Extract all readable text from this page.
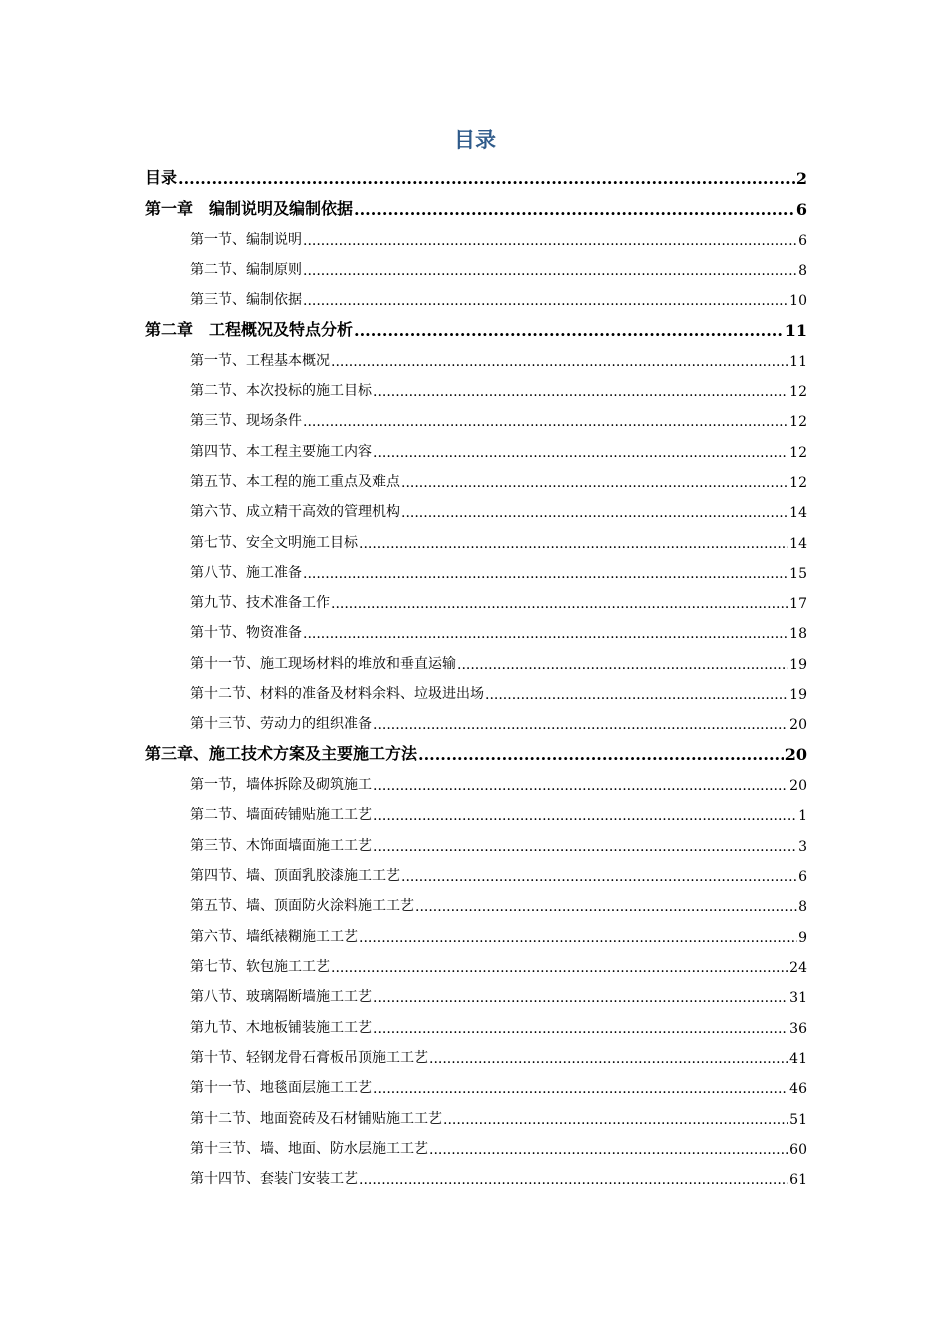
目录
目录 .....	2
第一章　编制说明及编制依据 .....	6
第一节、编制说明 .....	6
第二节、编制原则 .....	8
第三节、编制依据 .....	10
第二章　工程概况及特点分析 .....	11
第一节、工程基本概况 .....	11
第二节、本次投标的施工目标 .....	12
第三节、现场条件 .....	12
第四节、本工程主要施工内容 .....	12
第五节、本工程的施工重点及难点 .....	12
第六节、成立精干高效的管理机构 .....	14
第七节、安全文明施工目标 .....	14
第八节、施工准备 .....	15
第九节、技术准备工作 .....	17
第十节、物资准备 .....	18
第十一节、施工现场材料的堆放和垂直运输 .....	19
第十二节、材料的准备及材料余料、垃圾进出场 .....	19
第十三节、劳动力的组织准备 .....	20
第三章、施工技术方案及主要施工方法 .....	20
第一节，墙体拆除及砌筑施工 .....	20
第二节、墙面砖铺贴施工工艺 .....	1
第三节、木饰面墙面施工工艺 .....	3
第四节、墙、顶面乳胶漆施工工艺 .....	6
第五节、墙、顶面防火涂料施工工艺 .....	8
第六节、墙纸裱糊施工工艺 .....	9
第七节、软包施工工艺 .....	24
第八节、玻璃隔断墙施工工艺 .....	31
第九节、木地板铺装施工工艺 .....	36
第十节、轻钢龙骨石膏板吊顶施工工艺 .....	41
第十一节、地毯面层施工工艺 .....	46
第十二节、地面瓷砖及石材铺贴施工工艺 .....	51
第十三节、墙、地面、防水层施工工艺 .....	60
第十四节、套装门安装工艺 .....	61
